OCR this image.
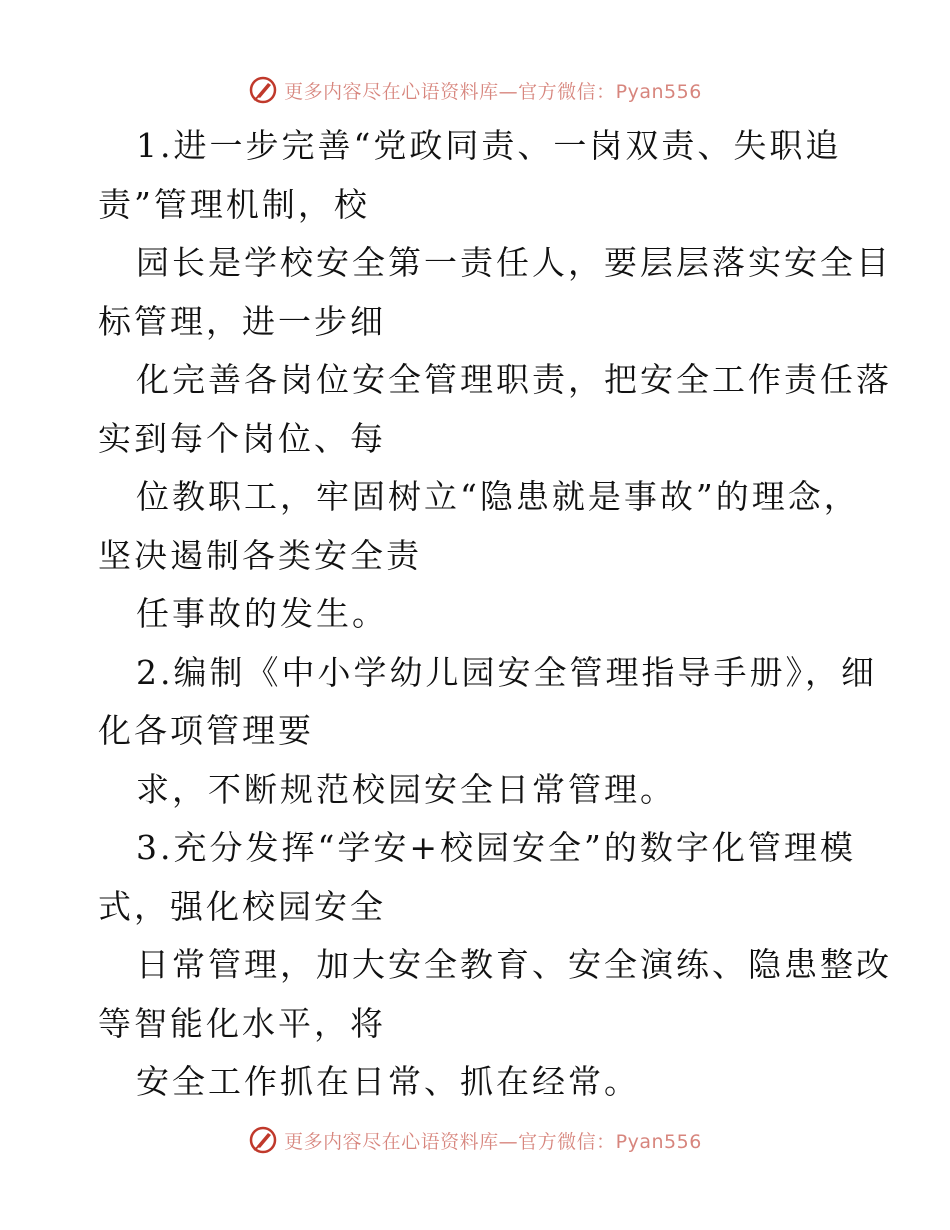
更多内容尽在心语资料库—官方微信：Pyan556
1.进一步完善“党政同责、一岗双责、失职追
责”管理机制，校
园长是学校安全第一责任人，要层层落实安全目
标管理，进一步细
化完善各岗位安全管理职责，把安全工作责任落
实到每个岗位、每
位教职工，牢固树立“隐患就是事故”的理念，
坚决遏制各类安全责
任事故的发生。
2.编制《中小学幼儿园安全管理指导手册》，细
化各项管理要
求，不断规范校园安全日常管理。
3.充分发挥“学安+校园安全”的数字化管理模
式，强化校园安全
日常管理，加大安全教育、安全演练、隐患整改
等智能化水平，将
安全工作抓在日常、抓在经常。
更多内容尽在心语资料库—官方微信：Pyan556
